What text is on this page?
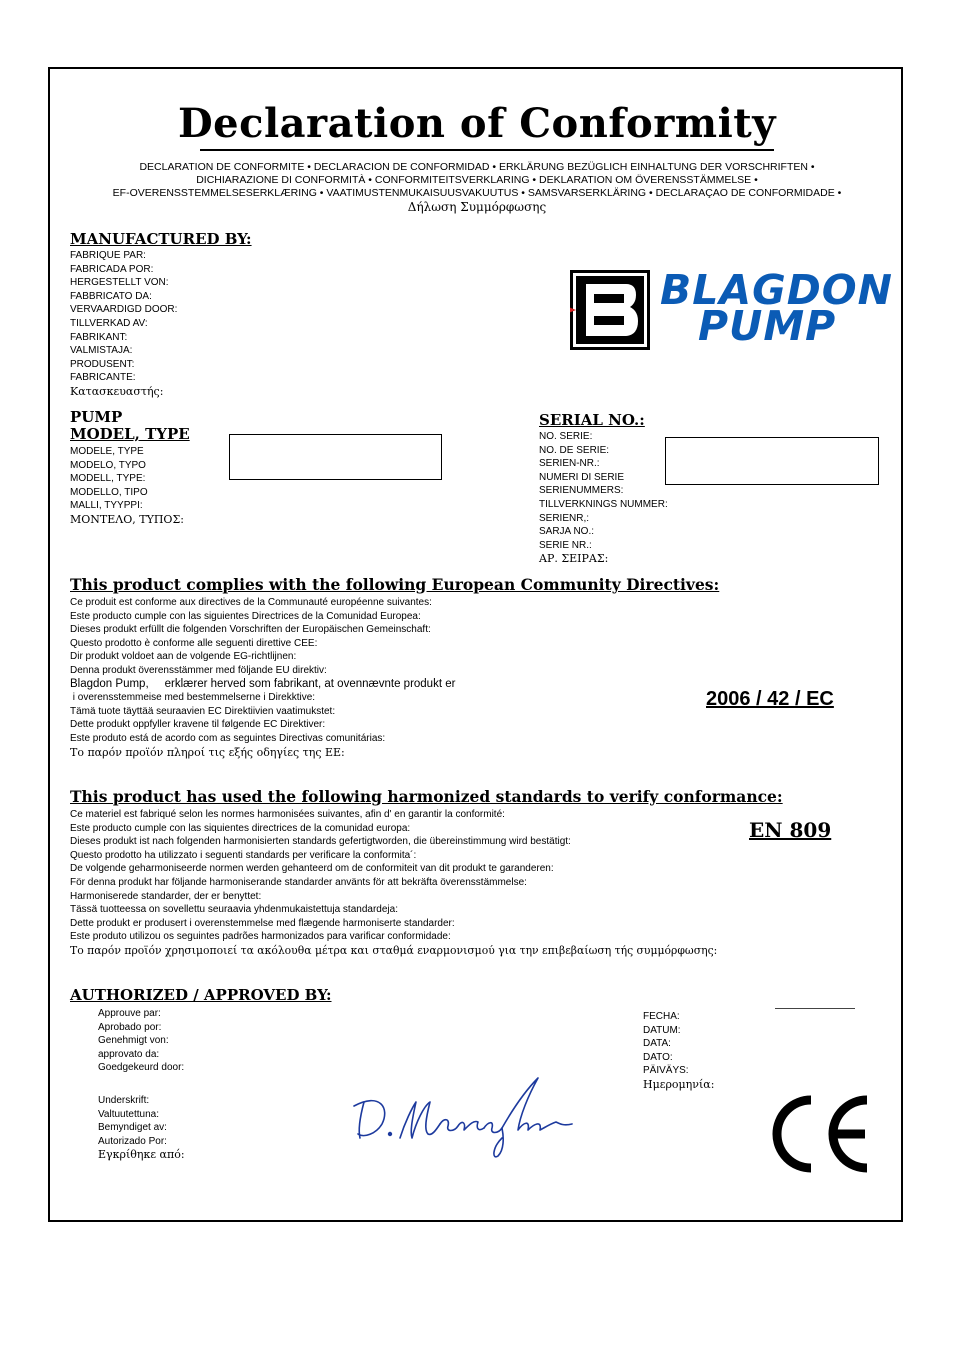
Declaration of Conformity
DECLARATION DE CONFORMITE • DECLARACION DE CONFORMIDAD • ERKLÄRUNG BEZÜGLICH EINHALTUNG DER VORSCHRIFTEN •
DICHIARAZIONE DI CONFORMITÀ • CONFORMITEITSVERKLARING • DEKLARATION OM ÖVERENSSTÄMMELSE •
EF-OVERENSSTEMMELSESERKLÆRING • VAATIMUSTENMUKAISUUSVAKUUTUS • SAMSVARSERKLÄRING • DECLARAÇAO DE CONFORMIDADE •
Δήλωση Συμμόρφωσης
MANUFACTURED BY:
FABRIQUE PAR:
FABRICADA POR:
HERGESTELLT VON:
FABBRICATO DA:
VERVAARDIGD DOOR:
TILLVERKAD AV:
FABRIKANT:
VALMISTAJA:
PRODUSENT:
FABRICANTE:
Κατασκευαστής:
BLAGDON
PUMP
PUMP
MODEL, TYPE
MODELE, TYPE
MODELO, TYPO
MODELL, TYPE:
MODELLO, TIPO
MALLI, TYYPPI:
ΜΟΝΤΕΛΟ, ΤΥΠΟΣ:
SERIAL NO.:
NO. SERIE:
NO. DE SERIE:
SERIEN-NR.:
NUMERI DI SERIE
SERIENUMMERS:
TILLVERKNINGS NUMMER:
SERIENR,:
SARJA NO.:
SERIE NR.:
ΑΡ. ΣΕΙΡΑΣ:
This product complies with the following European Community Directives:
Ce produit est conforme aux directives de la Communauté européenne suivantes:
Este producto cumple con las siguientes Directrices de la Comunidad Europea:
Dieses produkt erfüllt die folgenden Vorschriften der Europäischen Gemeinschaft:
Questo prodotto è conforme alle seguenti direttive CEE:
Dir produkt voldoet aan de volgende EG-richtlijnen:
Denna produkt överensstämmer med följande EU direktiv:
Blagdon Pump,     erklærer herved som fabrikant, at ovennævnte produkt er
i overensstemmeise med bestemmelserne i Direkktive:
Tämä tuote täyttää seuraavien EC Direktiivien vaatimukstet:
Dette produkt oppfyller kravene til følgende EC Direktiver:
Este produto está de acordo com as seguintes Directivas comunitárias:
Το παρόν προϊόν πληροί τις εξής οδηγίες της ΕΕ:
2006 / 42 / EC
This product has used the following harmonized standards to verify conformance:
Ce materiel est fabriqué selon les normes harmonisées suivantes, afin d' en garantir la conformité:
Este producto cumple con las siquientes directrices de la comunidad europa:
Dieses produkt ist nach folgenden harmonisierten standards gefertigtworden, die übereinstimmung wird bestätigt:
Questo prodotto ha utilizzato i seguenti standards per verificare la conformita´:
De volgende geharmoniseerde normen werden gehanteerd om de conformiteit van dit produkt te garanderen:
För denna produkt har följande harmoniserande standarder använts för att bekräfta överensstämmelse:
Harmoniserede standarder, der er benyttet:
Tässä tuotteessa on sovellettu seuraavia yhdenmukaistettuja standardeja:
Dette produkt er produsert i overenstemmelse med flægende harmoniserte standarder:
Este produto utilizou os seguintes padrões harmonizados para varificar conformidade:
Το παρόν προϊόν χρησιμοποιεί τα ακόλουθα μέτρα και σταθμά εναρμονισμού για την επιβεβαίωση τής συμμόρφωσης:
EN 809
AUTHORIZED / APPROVED BY:
Approuve par:
Aprobado por:
Genehmigt von:
approvato da:
Goedgekeurd door:
Underskrift:
Valtuutettuna:
Bemyndiget av:
Autorizado Por:
Εγκρίθηκε από:
FECHA:
DATUM:
DATA:
DATO:
PÄIVÄYS:
Ημερομηνία:
